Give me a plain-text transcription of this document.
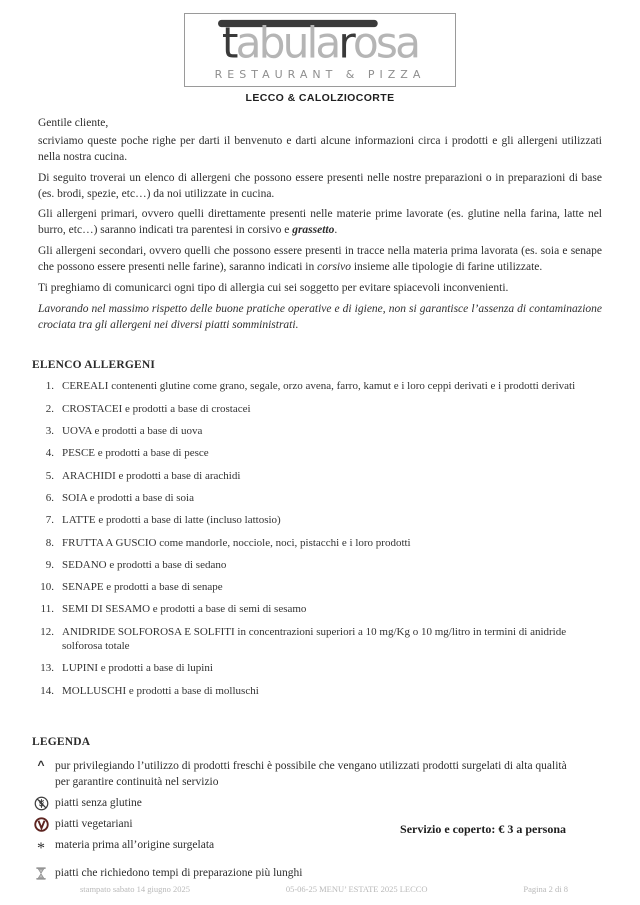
tabularosa
RESTAURANT & PIZZA
LECCO & CALOLZIOCORTE

Gentile cliente,

scriviamo queste poche righe per darti il benvenuto e darti alcune informazioni circa i prodotti e gli allergeni utilizzati nella nostra cucina.

Di seguito troverai un elenco di allergeni che possono essere presenti nelle nostre preparazioni o in preparazioni di base (es. brodi, spezie, etc…) da noi utilizzate in cucina.

Gli allergeni primari, ovvero quelli direttamente presenti nelle materie prime lavorate (es. glutine nella farina, latte nel burro, etc…) saranno indicati tra parentesi in corsivo e grassetto.

Gli allergeni secondari, ovvero quelli che possono essere presenti in tracce nella materia prima lavorata (es. soia e senape che possono essere presenti nelle farine), saranno indicati in corsivo insieme alle tipologie di farine utilizzate.

Ti preghiamo di comunicarci ogni tipo di allergia cui sei soggetto per evitare spiacevoli inconvenienti.

Lavorando nel massimo rispetto delle buone pratiche operative e di igiene, non si garantisce l’assenza di contaminazione crociata tra gli allergeni nei diversi piatti somministrati.

ELENCO ALLERGENI
1. CEREALI contenenti glutine come grano, segale, orzo avena, farro, kamut e i loro ceppi derivati e i prodotti derivati
2. CROSTACEI e prodotti a base di crostacei
3. UOVA e prodotti a base di uova
4. PESCE e prodotti a base di pesce
5. ARACHIDI e prodotti a base di arachidi
6. SOIA e prodotti a base di soia
7. LATTE e prodotti a base di latte (incluso lattosio)
8. FRUTTA A GUSCIO come mandorle, nocciole, noci, pistacchi e i loro prodotti
9. SEDANO e prodotti a base di sedano
10. SENAPE e prodotti a base di senape
11. SEMI DI SESAMO e prodotti a base di semi di sesamo
12. ANIDRIDE SOLFOROSA E SOLFITI in concentrazioni superiori a 10 mg/Kg o 10 mg/litro in termini di anidride solforosa totale
13. LUPINI e prodotti a base di lupini
14. MOLLUSCHI e prodotti a base di molluschi
LEGENDA
^ pur privilegiando l’utilizzo di prodotti freschi è possibile che vengano utilizzati prodotti surgelati di alta qualità per garantire continuità nel servizio
piatti senza glutine
piatti vegetariani
* materia prima all’origine surgelata
piatti che richiedono tempi di preparazione più lunghi
Servizio e coperto: € 3 a persona
stampato sabato 14 giugno 2025	05-06-25 MENU’ ESTATE 2025 LECCO	Pagina 2 di 8
